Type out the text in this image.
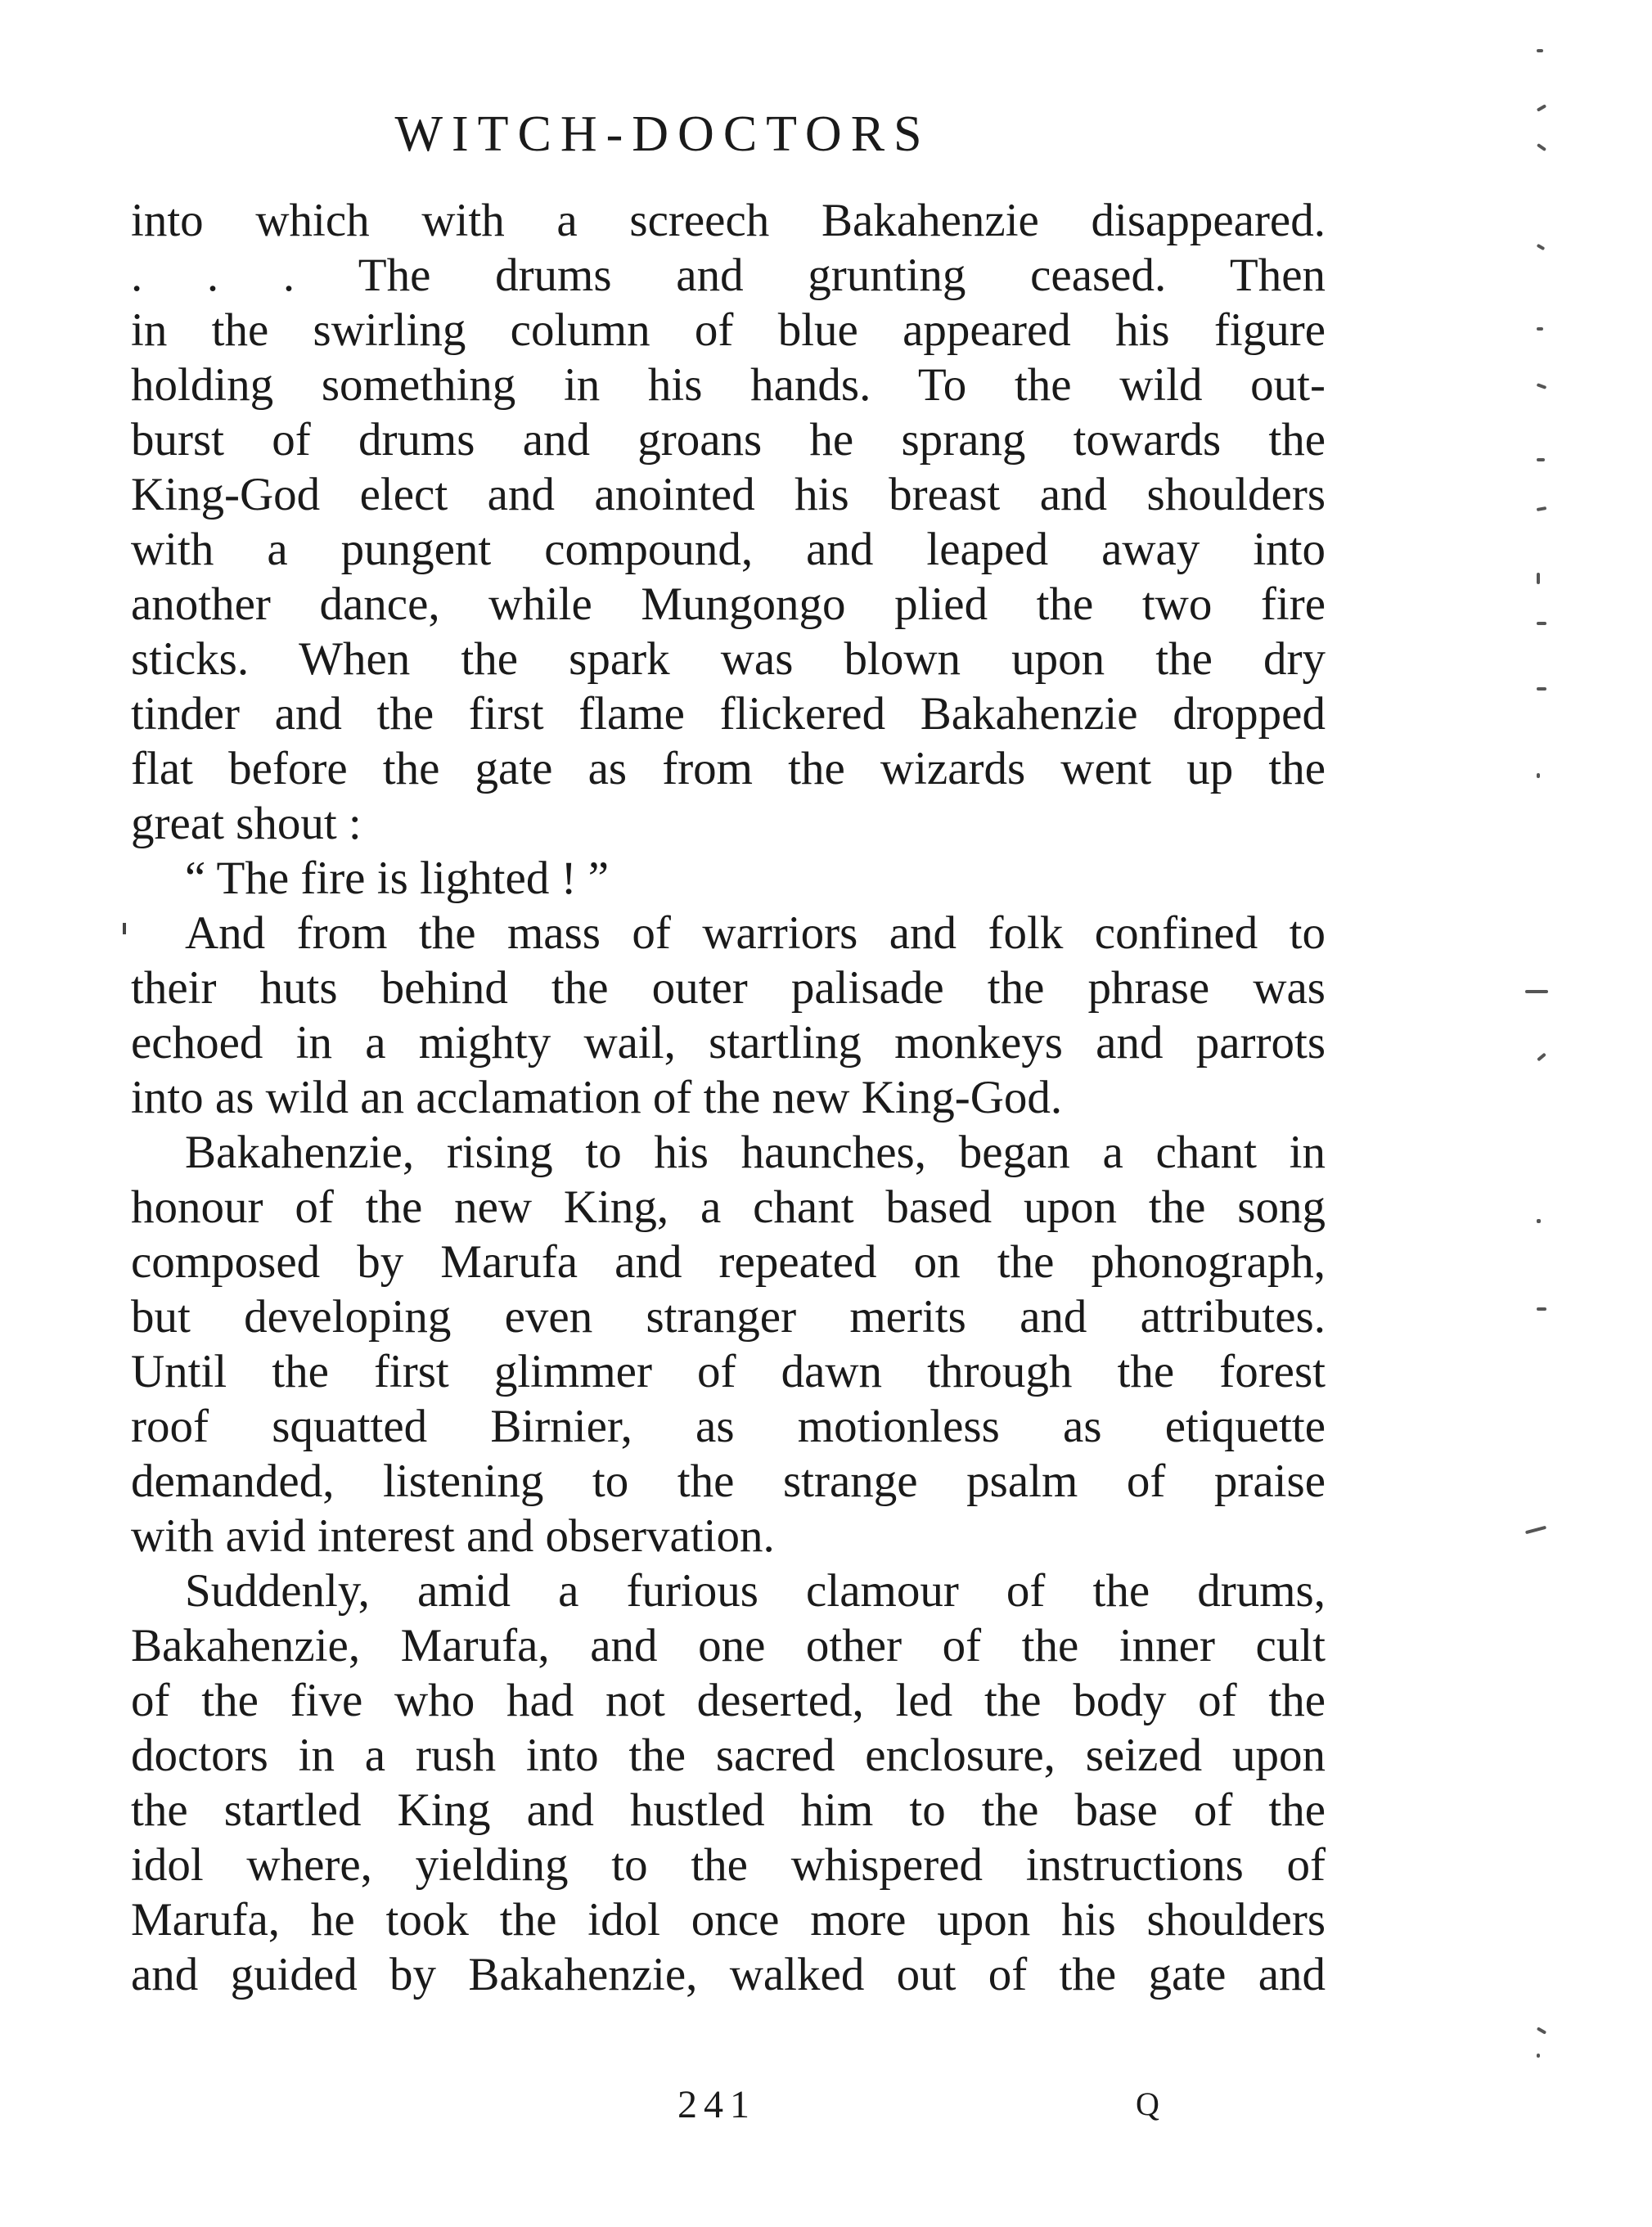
WITCH-DOCTORS
into which with a screech Bakahenzie disappeared.
. . . The drums and grunting ceased. Then
in the swirling column of blue appeared his figure
holding something in his hands. To the wild out-
burst of drums and groans he sprang towards the
King-God elect and anointed his breast and shoulders
with a pungent compound, and leaped away into
another dance, while Mungongo plied the two fire
sticks. When the spark was blown upon the dry
tinder and the first flame flickered Bakahenzie dropped
flat before the gate as from the wizards went up the
great shout :
“ The fire is lighted ! ”
And from the mass of warriors and folk confined to
their huts behind the outer palisade the phrase was
echoed in a mighty wail, startling monkeys and parrots
into as wild an acclamation of the new King-God.
Bakahenzie, rising to his haunches, began a chant in
honour of the new King, a chant based upon the song
composed by Marufa and repeated on the phonograph,
but developing even stranger merits and attributes.
Until the first glimmer of dawn through the forest
roof squatted Birnier, as motionless as etiquette
demanded, listening to the strange psalm of praise
with avid interest and observation.
Suddenly, amid a furious clamour of the drums,
Bakahenzie, Marufa, and one other of the inner cult
of the five who had not deserted, led the body of the
doctors in a rush into the sacred enclosure, seized upon
the startled King and hustled him to the base of the
idol where, yielding to the whispered instructions of
Marufa, he took the idol once more upon his shoulders
and guided by Bakahenzie, walked out of the gate and
241	Q
